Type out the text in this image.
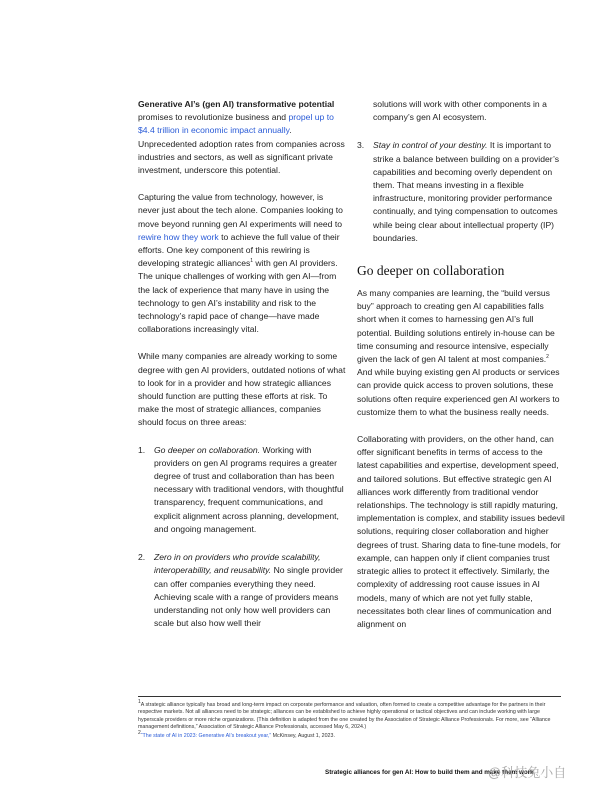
Generative AI’s (gen AI) transformative potential promises to revolutionize business and propel up to $4.4 trillion in economic impact annually. Unprecedented adoption rates from companies across industries and sectors, as well as significant private investment, underscore this potential.

Capturing the value from technology, however, is never just about the tech alone. Companies looking to move beyond running gen AI experiments will need to rewire how they work to achieve the full value of their efforts. One key component of this rewiring is developing strategic alliances$^1$ with gen AI providers. The unique challenges of working with gen AI—from the lack of experience that many have in using the technology to gen AI’s instability and risk to the technology’s rapid pace of change—have made collaborations increasingly vital.

While many companies are already working to some degree with gen AI providers, outdated notions of what to look for in a provider and how strategic alliances should function are putting these efforts at risk. To make the most of strategic alliances, companies should focus on three areas:

1. Go deeper on collaboration. Working with providers on gen AI programs requires a greater degree of trust and collaboration than has been necessary with traditional vendors, with thoughtful transparency, frequent communications, and explicit alignment across planning, development, and ongoing management.
2. Zero in on providers who provide scalability, interoperability, and reusability. No single provider can offer companies everything they need. Achieving scale with a range of providers means understanding not only how well providers can scale but also how well their
solutions will work with other components in a company’s gen AI ecosystem.
3. Stay in control of your destiny. It is important to strike a balance between building on a provider’s capabilities and becoming overly dependent on them. That means investing in a flexible infrastructure, monitoring provider performance continually, and tying compensation to outcomes while being clear about intellectual property (IP) boundaries.
Go deeper on collaboration

As many companies are learning, the “build versus buy” approach to creating gen AI capabilities falls short when it comes to harnessing gen AI’s full potential. Building solutions entirely in-house can be time consuming and resource intensive, especially given the lack of gen AI talent at most companies.$^2$ And while buying existing gen AI products or services can provide quick access to proven solutions, these solutions often require experienced gen AI workers to customize them to what the business really needs.

Collaborating with providers, on the other hand, can offer significant benefits in terms of access to the latest capabilities and expertise, development speed, and tailored solutions. But effective strategic gen AI alliances work differently from traditional vendor relationships. The technology is still rapidly maturing, implementation is complex, and stability issues bedevil solutions, requiring closer collaboration and higher degrees of trust. Sharing data to fine-tune models, for example, can happen only if client companies trust strategic allies to protect it effectively. Similarly, the complexity of addressing root cause issues in AI models, many of which are not yet fully stable, necessitates both clear lines of communication and alignment on

$^1$A strategic alliance typically has broad and long-term impact on corporate performance and valuation, often formed to create a competitive advantage for the partners in their respective markets. Not all alliances need to be strategic; alliances can be established to achieve highly operational or tactical objectives and can include working with large hyperscale providers or more niche organizations. (This definition is adapted from the one created by the Association of Strategic Alliance Professionals. For more, see “Alliance management definitions,” Association of Strategic Alliance Professionals, accessed May 6, 2024.)

$^2$“The state of AI in 2023: Generative AI’s breakout year,” McKinsey, August 1, 2023.

Strategic alliances for gen AI: How to build them and make them work
@科技兔小自
